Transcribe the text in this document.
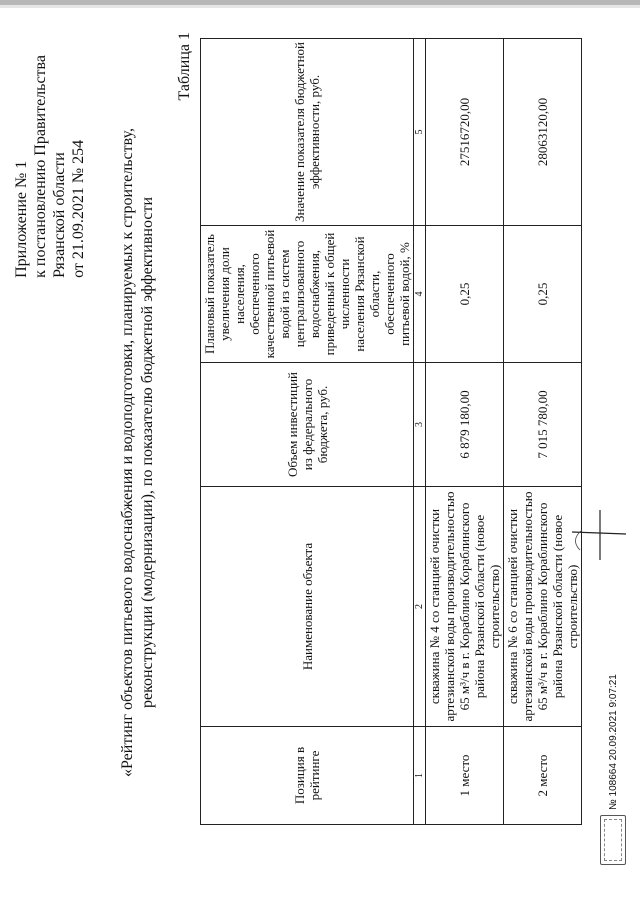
Приложение № 1 к постановлению Правительства Рязанской области от 21.09.2021 № 254 «Рейтинг объектов питьевого водоснабжения и водоподготовки, планируемых к строительству, реконструкции (модернизации), по показателю бюджетной эффективности
Таблица 1
Позиция в рейтинге	Наименование объекта	Объем инвестиций из федерального бюджета, руб.	Плановый показатель увеличения доли населения, обеспеченного качественной питьевой водой из систем централизованного водоснабжения, приведенный к общей численности населения Рязанской области, обеспеченного питьевой водой, %	Значение показателя бюджетной эффективности, руб.
1	2	3	4	5
1 место	скважина № 4 со станцией очистки артезианской воды производительностью 65 м³/ч в г. Кораблино Кораблинского района Рязанской области (новое строительство)	6 879 180,00	0,25	27516720,00
2 место	скважина № 6 со станцией очистки артезианской воды производительностью 65 м³/ч в г. Кораблино Кораблинского района Рязанской области (новое строительство)	7 015 780,00	0,25	28063120,00
№ 108664 20.09.2021 9:07:21
